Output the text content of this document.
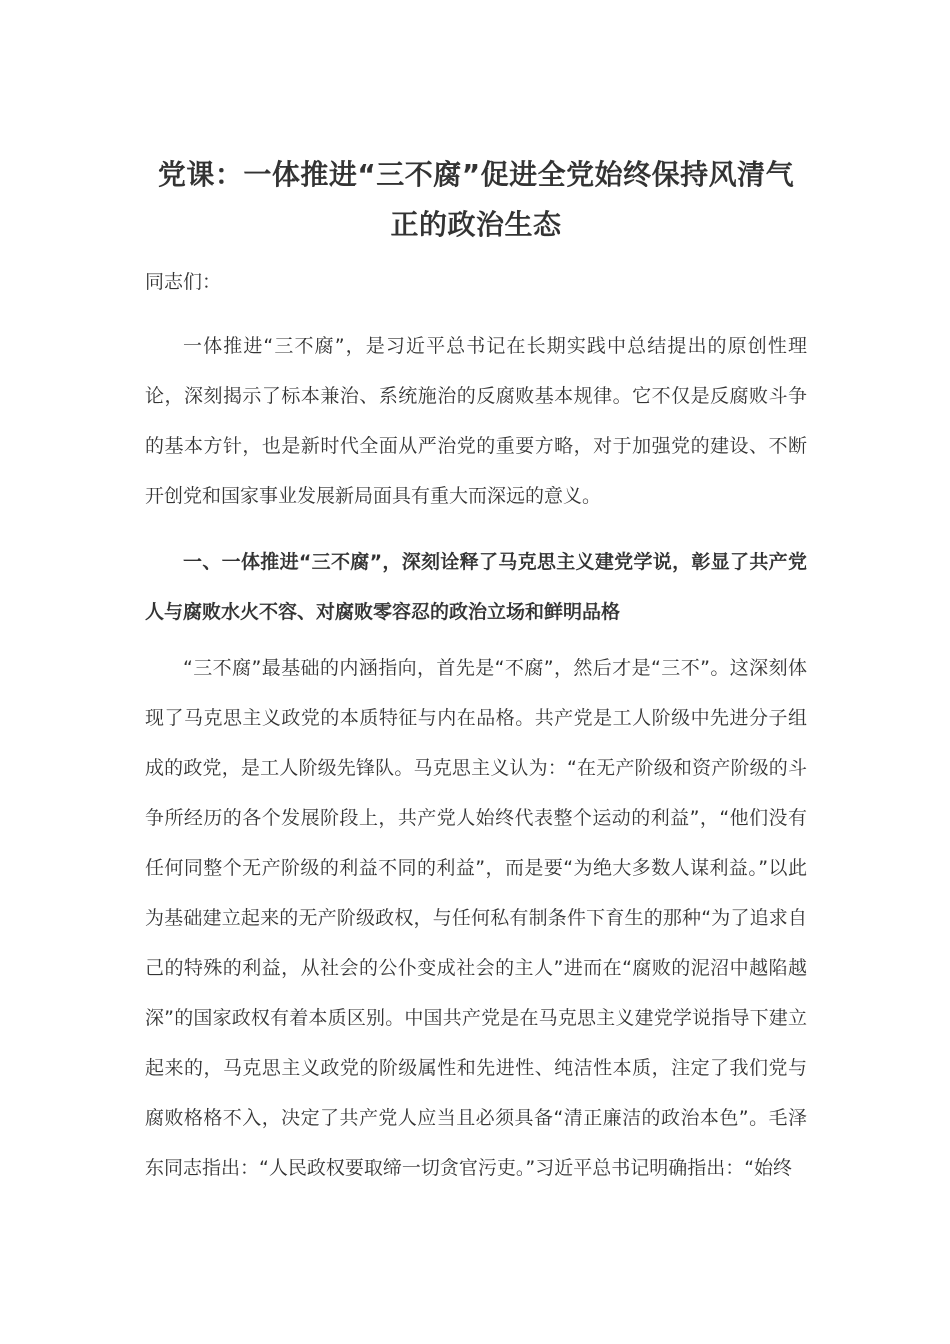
党课：一体推进“三不腐”促进全党始终保持风清气
正的政治生态

同志们：

一体推进“三不腐”，是习近平总书记在长期实践中总结提出的原创性理论，深刻揭示了标本兼治、系统施治的反腐败基本规律。它不仅是反腐败斗争的基本方针，也是新时代全面从严治党的重要方略，对于加强党的建设、不断开创党和国家事业发展新局面具有重大而深远的意义。

一、一体推进“三不腐”，深刻诠释了马克思主义建党学说，彰显了共产党人与腐败水火不容、对腐败零容忍的政治立场和鲜明品格

“三不腐”最基础的内涵指向，首先是“不腐”，然后才是“三不”。这深刻体现了马克思主义政党的本质特征与内在品格。共产党是工人阶级中先进分子组成的政党，是工人阶级先锋队。马克思主义认为：“在无产阶级和资产阶级的斗争所经历的各个发展阶段上，共产党人始终代表整个运动的利益”，“他们没有任何同整个无产阶级的利益不同的利益”，而是要“为绝大多数人谋利益。”以此为基础建立起来的无产阶级政权，与任何私有制条件下育生的那种“为了追求自己的特殊的利益，从社会的公仆变成社会的主人”进而在“腐败的泥沼中越陷越深”的国家政权有着本质区别。中国共产党是在马克思主义建党学说指导下建立起来的，马克思主义政党的阶级属性和先进性、纯洁性本质，注定了我们党与腐败格格不入，决定了共产党人应当且必须具备“清正廉洁的政治本色”。毛泽东同志指出：“人民政权要取缔一切贪官污吏。”习近平总书记明确指出：“始终
